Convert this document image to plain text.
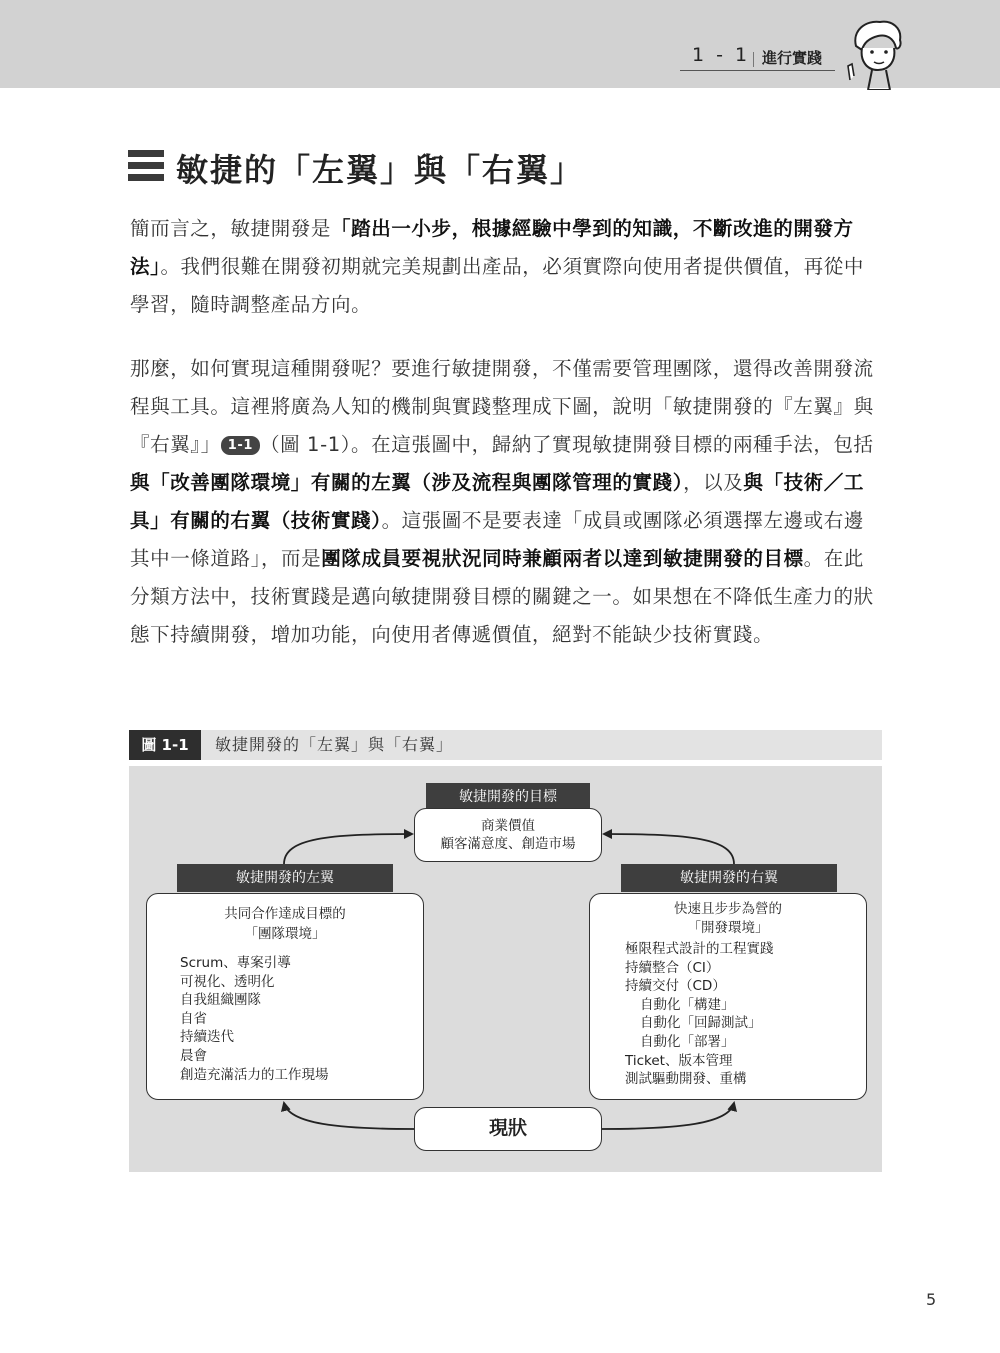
1 - 1 進行實踐
敏捷的「左翼」與「右翼」
簡而言之，敏捷開發是「踏出一小步，根據經驗中學到的知識，不斷改進的開發方法」。我們很難在開發初期就完美規劃出產品，必須實際向使用者提供價值，再從中學習，隨時調整產品方向。
那麼，如何實現這種開發呢？要進行敏捷開發，不僅需要管理團隊，還得改善開發流程與工具。這裡將廣為人知的機制與實踐整理成下圖，說明「敏捷開發的『左翼』與『右翼』」 1-1 （圖 1-1）。在這張圖中，歸納了實現敏捷開發目標的兩種手法，包括與「改善團隊環境」有關的左翼（涉及流程與團隊管理的實踐），以及與「技術／工具」有關的右翼（技術實踐）。這張圖不是要表達「成員或團隊必須選擇左邊或右邊其中一條道路」，而是團隊成員要視狀況同時兼顧兩者以達到敏捷開發的目標。在此分類方法中，技術實踐是邁向敏捷開發目標的關鍵之一。如果想在不降低生產力的狀態下持續開發，增加功能，向使用者傳遞價值，絕對不能缺少技術實踐。
圖 1-1	敏捷開發的「左翼」與「右翼」
敏捷開發的目標
商業價值
顧客滿意度、創造市場
敏捷開發的左翼
共同合作達成目標的
「團隊環境」
Scrum、專案引導
可視化、透明化
自我組織團隊
自省
持續迭代
晨會
創造充滿活力的工作現場
敏捷開發的右翼
快速且步步為營的
「開發環境」
極限程式設計的工程實踐
持續整合（CI）
持續交付（CD）
自動化「構建」
自動化「回歸測試」
自動化「部署」
Ticket、版本管理
測試驅動開發、重構
現狀
5
